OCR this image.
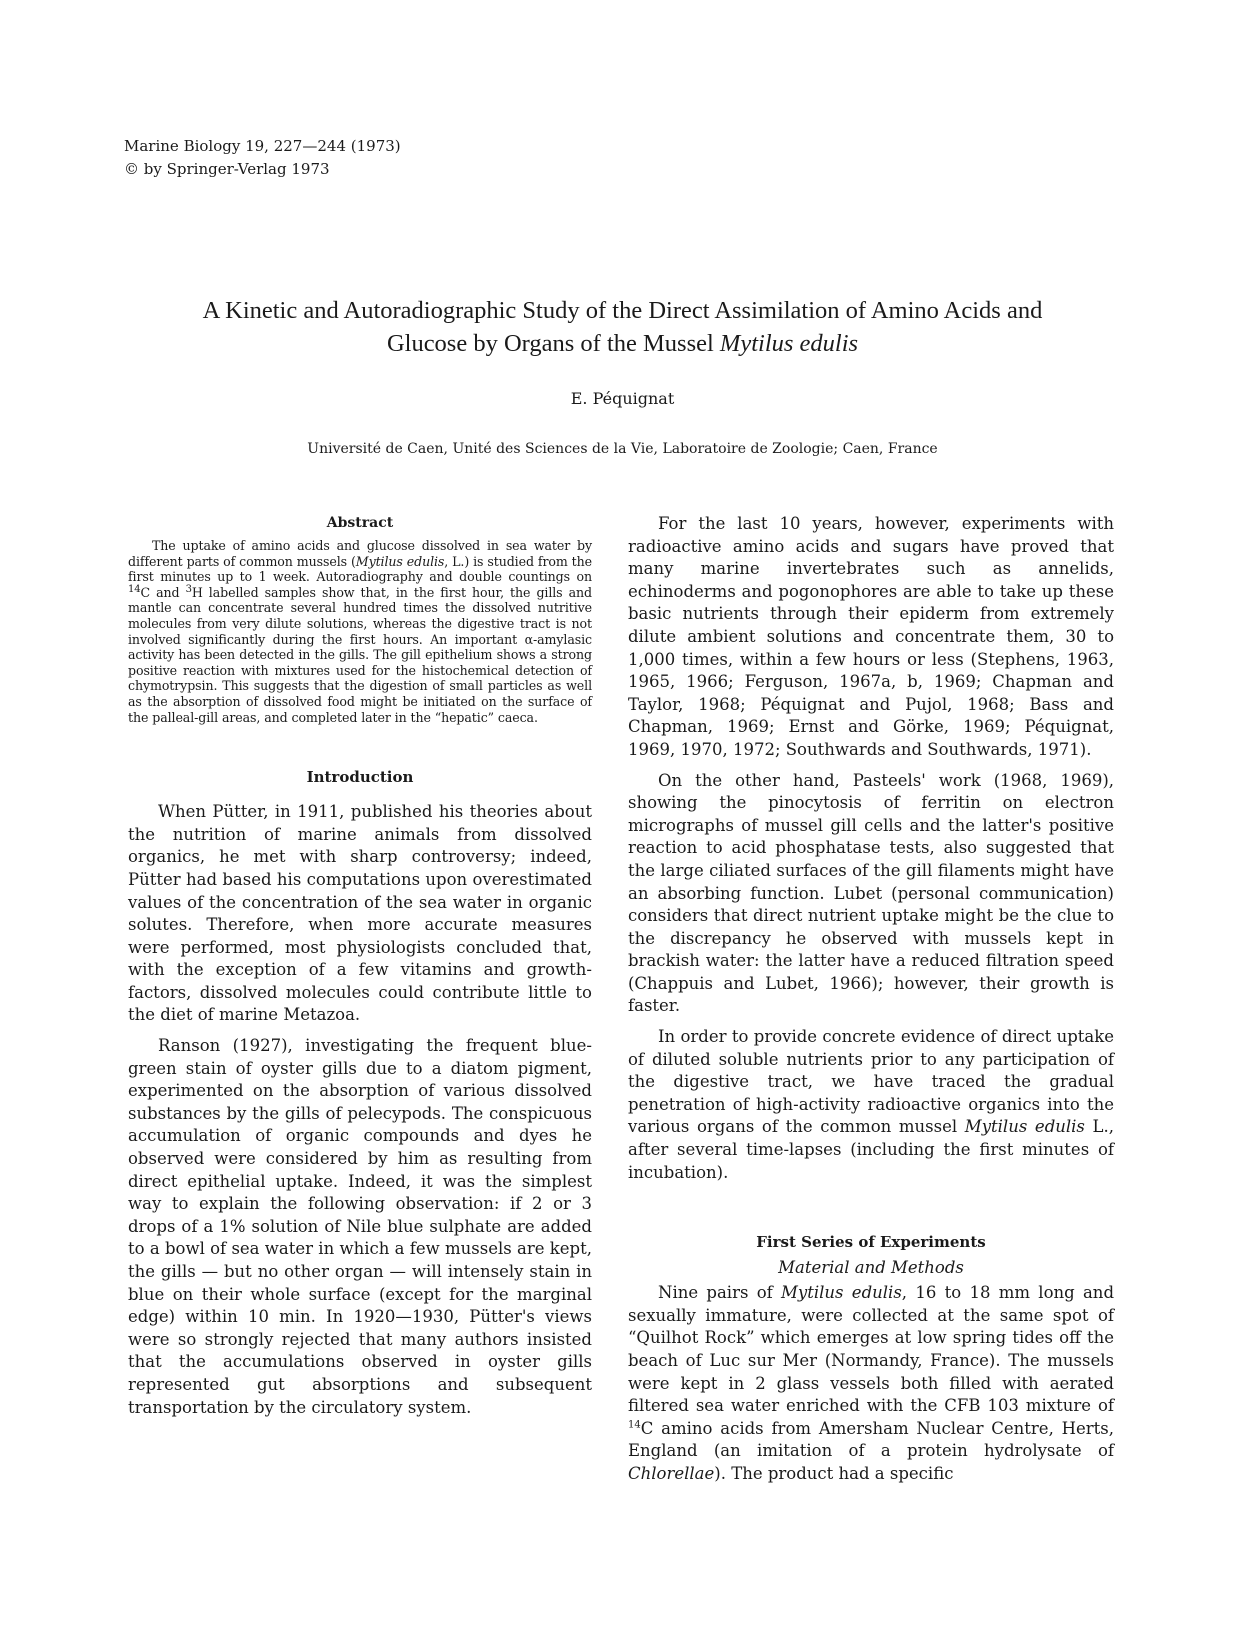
Marine Biology 19, 227—244 (1973)
© by Springer-Verlag 1973
A Kinetic and Autoradiographic Study of the Direct Assimilation of Amino Acids and
Glucose by Organs of the Mussel Mytilus edulis
E. Péquignat
Université de Caen, Unité des Sciences de la Vie, Laboratoire de Zoologie; Caen, France
Abstract

The uptake of amino acids and glucose dissolved in sea water by different parts of common mussels (Mytilus edulis, L.) is studied from the first minutes up to 1 week. Autoradiography and double countings on $^{14}$C and $^3$H labelled samples show that, in the first hour, the gills and mantle can concentrate several hundred times the dissolved nutritive molecules from very dilute solutions, whereas the digestive tract is not involved significantly during the first hours. An important α-amylasic activity has been detected in the gills. The gill epithelium shows a strong positive reaction with mixtures used for the histochemical detection of chymotrypsin. This suggests that the digestion of small particles as well as the absorption of dissolved food might be initiated on the surface of the palleal-gill areas, and completed later in the “hepatic” caeca.

Introduction

When Pütter, in 1911, published his theories about the nutrition of marine animals from dissolved organics, he met with sharp controversy; indeed, Pütter had based his computations upon overestimated values of the concentration of the sea water in organic solutes. Therefore, when more accurate measures were performed, most physiologists concluded that, with the exception of a few vitamins and growth-factors, dissolved molecules could contribute little to the diet of marine Metazoa.

Ranson (1927), investigating the frequent blue-green stain of oyster gills due to a diatom pigment, experimented on the absorption of various dissolved substances by the gills of pelecypods. The conspicuous accumulation of organic compounds and dyes he observed were considered by him as resulting from direct epithelial uptake. Indeed, it was the simplest way to explain the following observation: if 2 or 3 drops of a 1% solution of Nile blue sulphate are added to a bowl of sea water in which a few mussels are kept, the gills — but no other organ — will intensely stain in blue on their whole surface (except for the marginal edge) within 10 min. In 1920—1930, Pütter's views were so strongly rejected that many authors insisted that the accumulations observed in oyster gills represented gut absorptions and subsequent transportation by the circulatory system.

For the last 10 years, however, experiments with radioactive amino acids and sugars have proved that many marine invertebrates such as annelids, echinoderms and pogonophores are able to take up these basic nutrients through their epiderm from extremely dilute ambient solutions and concentrate them, 30 to 1,000 times, within a few hours or less (Stephens, 1963, 1965, 1966; Ferguson, 1967a, b, 1969; Chapman and Taylor, 1968; Péquignat and Pujol, 1968; Bass and Chapman, 1969; Ernst and Görke, 1969; Péquignat, 1969, 1970, 1972; Southwards and Southwards, 1971).

On the other hand, Pasteels' work (1968, 1969), showing the pinocytosis of ferritin on electron micrographs of mussel gill cells and the latter's positive reaction to acid phosphatase tests, also suggested that the large ciliated surfaces of the gill filaments might have an absorbing function. Lubet (personal communication) considers that direct nutrient uptake might be the clue to the discrepancy he observed with mussels kept in brackish water: the latter have a reduced filtration speed (Chappuis and Lubet, 1966); however, their growth is faster.

In order to provide concrete evidence of direct uptake of diluted soluble nutrients prior to any participation of the digestive tract, we have traced the gradual penetration of high-activity radioactive organics into the various organs of the common mussel Mytilus edulis L., after several time-lapses (including the first minutes of incubation).

First Series of Experiments
Material and Methods

Nine pairs of Mytilus edulis, 16 to 18 mm long and sexually immature, were collected at the same spot of “Quilhot Rock” which emerges at low spring tides off the beach of Luc sur Mer (Normandy, France). The mussels were kept in 2 glass vessels both filled with aerated filtered sea water enriched with the CFB 103 mixture of $^{14}$C amino acids from Amersham Nuclear Centre, Herts, England (an imitation of a protein hydrolysate of Chlorellae). The product had a specific
